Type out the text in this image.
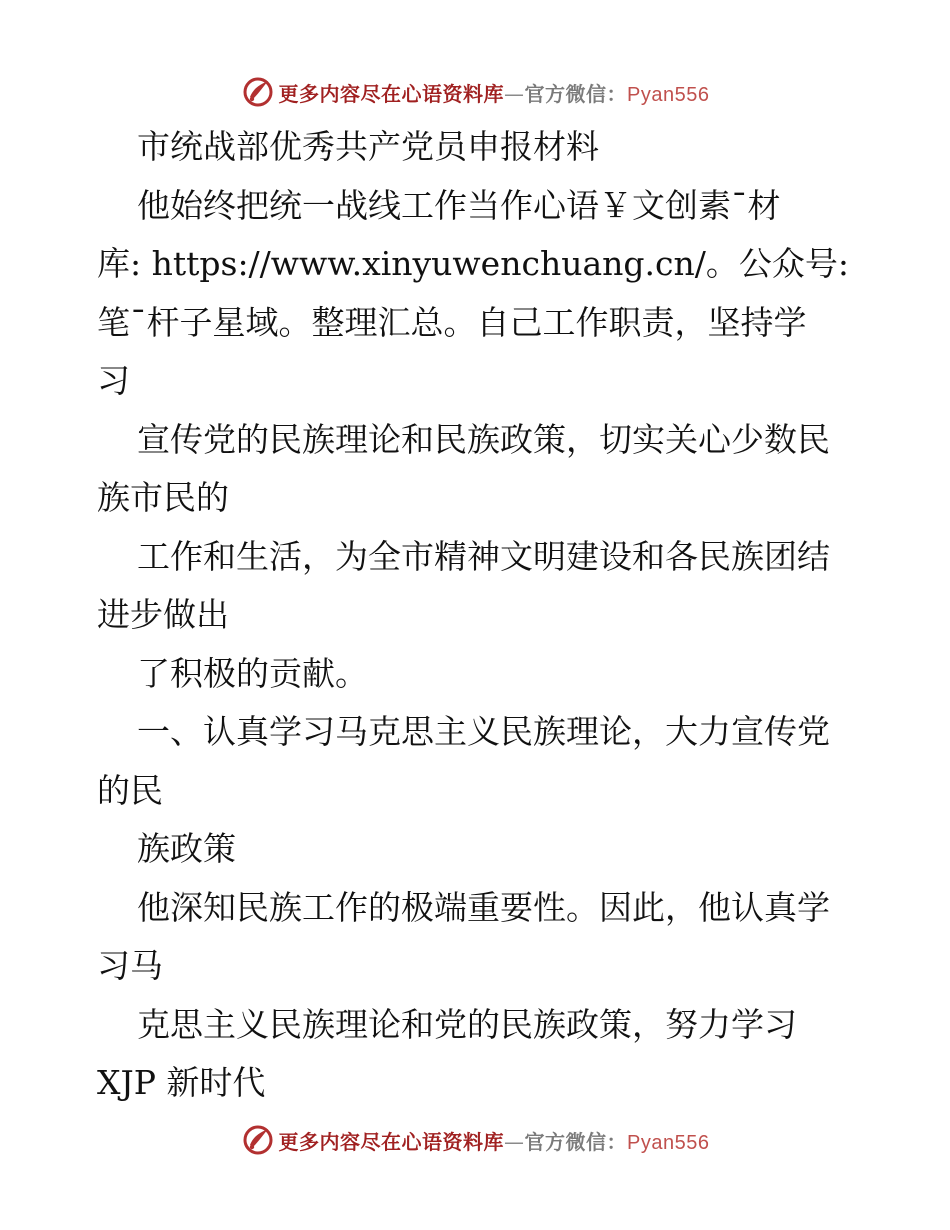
更多内容尽在心语资料库—官方微信：Pyan556

市统战部优秀共产党员申报材料

他始终把统一战线工作当作心语￥文创素¯材

库: https://www.xinyuwenchuang.cn/。公众号:

笔¯杆子星域。整理汇总。自己工作职责，坚持学

习

宣传党的民族理论和民族政策，切实关心少数民

族市民的

工作和生活，为全市精神文明建设和各民族团结

进步做出

了积极的贡献。

一、认真学习马克思主义民族理论，大力宣传党

的民

族政策

他深知民族工作的极端重要性。因此，他认真学

习马

克思主义民族理论和党的民族政策，努力学习

XJP 新时代

更多内容尽在心语资料库—官方微信：Pyan556
